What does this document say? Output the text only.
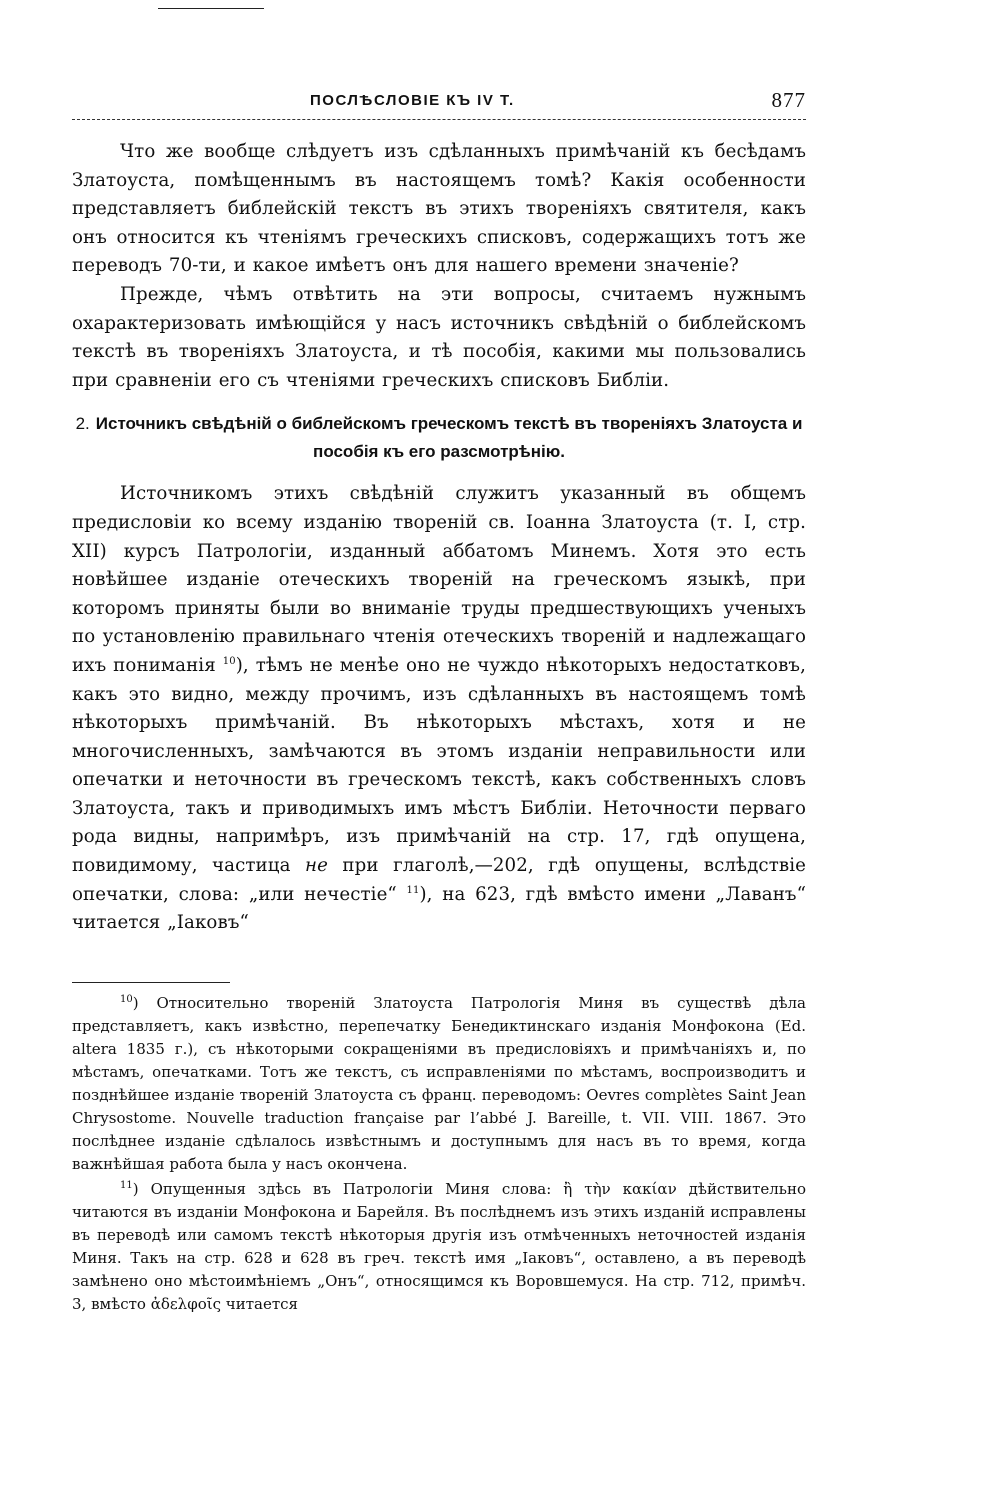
ПОСЛѢСЛОВІЕ КЪ IV Т.	877

Что же вообще слѣдуетъ изъ сдѣланныхъ примѣчаній къ бесѣдамъ Златоуста, помѣщеннымъ въ настоящемъ томѣ? Какія особенности представляетъ библейскій текстъ въ этихъ твореніяхъ святителя, какъ онъ относится къ чтеніямъ греческихъ списковъ, содержащихъ тотъ же переводъ 70-ти, и какое имѣетъ онъ для нашего времени значеніе?

Прежде, чѣмъ отвѣтить на эти вопросы, считаемъ нужнымъ охарактеризовать имѣющійся у насъ источникъ свѣдѣній о библейскомъ текстѣ въ твореніяхъ Златоуста, и тѣ пособія, какими мы пользовались при сравненіи его съ чтеніями греческихъ списковъ Библіи.

2. Источникъ свѣдѣній о библейскомъ греческомъ текстѣ въ твореніяхъ Златоуста и пособія къ его разсмотрѣнію.

Источникомъ этихъ свѣдѣній служитъ указанный въ общемъ предисловіи ко всему изданію твореній св. Іоанна Златоуста (т. I, стр. XII) курсъ Патрологіи, изданный аббатомъ Минемъ. Хотя это есть новѣйшее изданіе отеческихъ твореній на греческомъ языкѣ, при которомъ приняты были во вниманіе труды предшествующихъ ученыхъ по установленію правильнаго чтенія отеческихъ твореній и надлежащаго ихъ пониманія $^{10}$), тѣмъ не менѣе оно не чуждо нѣкоторыхъ недостатковъ, какъ это видно, между прочимъ, изъ сдѣланныхъ въ настоящемъ томѣ нѣкоторыхъ примѣчаній. Въ нѣкоторыхъ мѣстахъ, хотя и не многочисленныхъ, замѣчаются въ этомъ изданіи неправильности или опечатки и неточности въ греческомъ текстѣ, какъ собственныхъ словъ Златоуста, такъ и приводимыхъ имъ мѣстъ Библіи. Неточности перваго рода видны, напримѣръ, изъ примѣчаній на стр. 17, гдѣ опущена, повидимому, частица не при глаголѣ,—202, гдѣ опущены, вслѣдствіе опечатки, слова: „или нечестіе“ $^{11}$), на 623, гдѣ вмѣсто имени „Лаванъ“ читается „Іаковъ“

$^{10}$) Относительно твореній Златоуста Патрологія Миня въ существѣ дѣла представляетъ, какъ извѣстно, перепечатку Бенедиктинскаго изданія Монфокона (Ed. altera 1835 г.), съ нѣкоторыми сокращеніями въ предисловіяхъ и примѣчаніяхъ и, по мѣстамъ, опечатками. Тотъ же текстъ, съ исправленіями по мѣстамъ, воспроизводитъ и позднѣйшее изданіе твореній Златоуста съ франц. переводомъ: Oevres complètes Saint Jean Chrysostome. Nouvelle traduction française par l’abbé J. Bareille, t. VII. VIII. 1867. Это послѣднее изданіе сдѣлалось извѣстнымъ и доступнымъ для насъ въ то время, когда важнѣйшая работа была у насъ окончена.

$^{11}$) Опущенныя здѣсь въ Патрологіи Миня слова: ἢ τὴν κακίαν дѣйствительно читаются въ изданіи Монфокона и Барейля. Въ послѣднемъ изъ этихъ изданій исправлены въ переводѣ или самомъ текстѣ нѣкоторыя другія изъ отмѣченныхъ неточностей изданія Миня. Такъ на стр. 628 и 628 въ греч. текстѣ имя „Іаковъ“, оставлено, а въ переводѣ замѣнено оно мѣстоимѣніемъ „Онъ“, относящимся къ Воровшемуся. На стр. 712, примѣч. 3, вмѣсто ἀδελφοῖς читается
